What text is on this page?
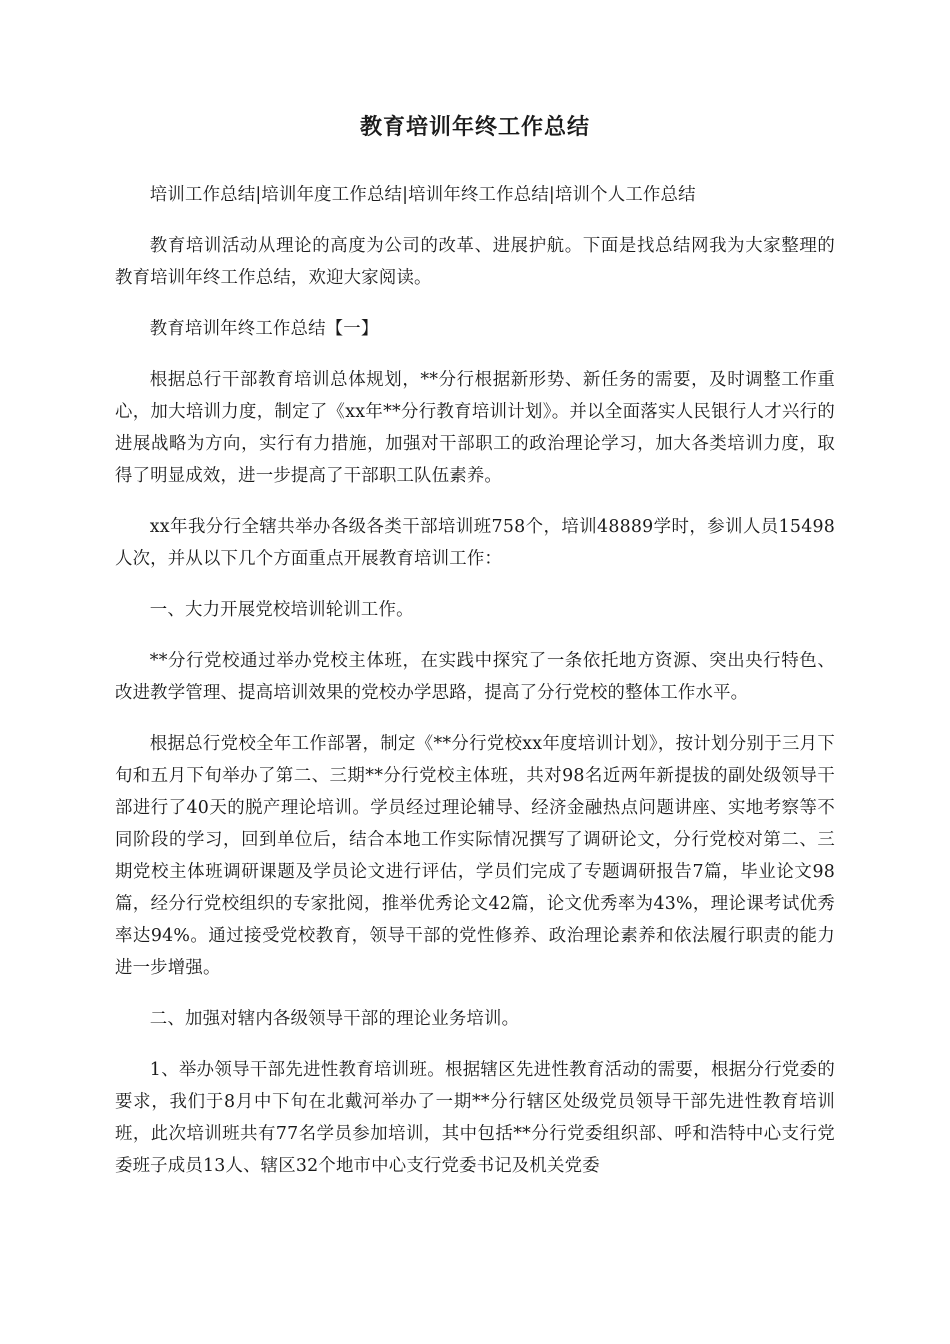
教育培训年终工作总结

培训工作总结|培训年度工作总结|培训年终工作总结|培训个人工作总结

教育培训活动从理论的高度为公司的改革、进展护航。下面是找总结网我为大家整理的教育培训年终工作总结，欢迎大家阅读。

教育培训年终工作总结【一】

根据总行干部教育培训总体规划，**分行根据新形势、新任务的需要，及时调整工作重心，加大培训力度，制定了《xx年**分行教育培训计划》。并以全面落实人民银行人才兴行的进展战略为方向，实行有力措施，加强对干部职工的政治理论学习，加大各类培训力度，取得了明显成效，进一步提高了干部职工队伍素养。

xx年我分行全辖共举办各级各类干部培训班758个，培训48889学时，参训人员15498人次，并从以下几个方面重点开展教育培训工作：

一、大力开展党校培训轮训工作。

**分行党校通过举办党校主体班，在实践中探究了一条依托地方资源、突出央行特色、改进教学管理、提高培训效果的党校办学思路，提高了分行党校的整体工作水平。

根据总行党校全年工作部署，制定《**分行党校xx年度培训计划》，按计划分别于三月下旬和五月下旬举办了第二、三期**分行党校主体班，共对98名近两年新提拔的副处级领导干部进行了40天的脱产理论培训。学员经过理论辅导、经济金融热点问题讲座、实地考察等不同阶段的学习，回到单位后，结合本地工作实际情况撰写了调研论文，分行党校对第二、三期党校主体班调研课题及学员论文进行评估，学员们完成了专题调研报告7篇，毕业论文98篇，经分行党校组织的专家批阅，推举优秀论文42篇，论文优秀率为43%，理论课考试优秀率达94%。通过接受党校教育，领导干部的党性修养、政治理论素养和依法履行职责的能力进一步增强。

二、加强对辖内各级领导干部的理论业务培训。

1、举办领导干部先进性教育培训班。根据辖区先进性教育活动的需要，根据分行党委的要求，我们于8月中下旬在北戴河举办了一期**分行辖区处级党员领导干部先进性教育培训班，此次培训班共有77名学员参加培训，其中包括**分行党委组织部、呼和浩特中心支行党委班子成员13人、辖区32个地市中心支行党委书记及机关党委
